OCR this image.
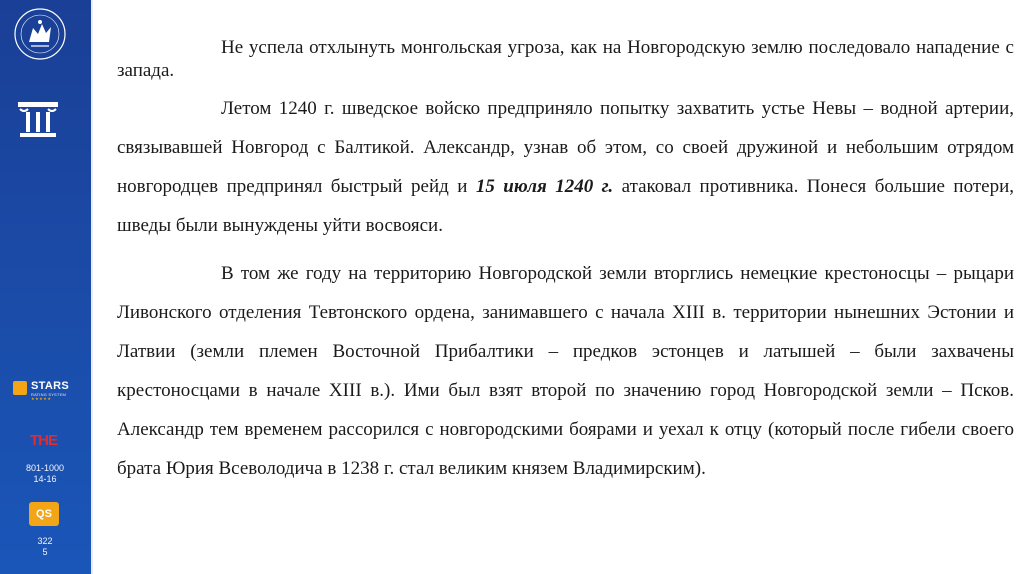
STARS
RATING SYSTEM
★★★★★
THE
801-1000
14-16
QS
322
5

Не успела отхлынуть монгольская угроза, как на Новгородскую землю последовало нападение с запада.

Летом 1240 г. шведское войско предприняло попытку захватить устье Невы – водной артерии, связывавшей Новгород с Балтикой. Александр, узнав об этом, со своей дружиной и небольшим отрядом новгородцев предпринял быстрый рейд и 15 июля 1240 г. атаковал противника. Понеся большие потери, шведы были вынуждены уйти восвояси.

В том же году на территорию Новгородской земли вторглись немецкие крестоносцы – рыцари Ливонского отделения Тевтонского ордена, занимавшего с начала XIII в. территории нынешних Эстонии и Латвии (земли племен Восточной Прибалтики – предков эстонцев и латышей – были захвачены крестоносцами в начале XIII в.). Ими был взят второй по значению город Новгородской земли – Псков. Александр тем временем рассорился с новгородскими боярами и уехал к отцу (который после гибели своего брата Юрия Всеволодича в 1238 г. стал великим князем Владимирским).
